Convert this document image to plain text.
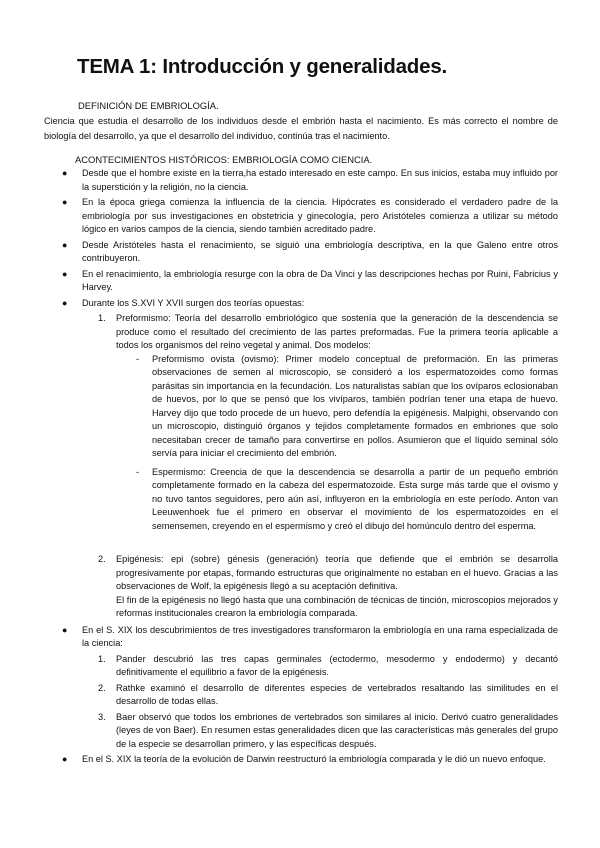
TEMA 1: Introducción y generalidades.
DEFINICIÓN DE EMBRIOLOGÍA.

Ciencia que estudia el desarrollo de los individuos desde el embrión hasta el nacimiento. Es más correcto el nombre de biología del desarrollo, ya que el desarrollo del individuo, continúa tras el nacimiento.

ACONTECIMIENTOS HISTÓRICOS: EMBRIOLOGÍA COMO CIENCIA.
● Desde que el hombre existe en la tierra,ha estado interesado en este campo. En sus inicios, estaba muy influido por la superstición y la religión, no la ciencia.
● En la época griega comienza la influencia de la ciencia. Hipócrates es considerado el verdadero padre de la embriología por sus investigaciones en obstetricia y ginecología, pero Aristóteles comienza a utilizar su método lógico en varios campos de la ciencia, siendo también acreditado padre.
● Desde Aristóteles hasta el renacimiento, se siguió una embriología descriptiva, en la que Galeno entre otros contribuyeron.
● En el renacimiento, la embriología resurge con la obra de Da Vinci y las descripciones hechas por Ruini, Fabricius y Harvey.
● Durante los S.XVI Y XVII surgen dos teorías opuestas:
1. Preformismo: Teoría del desarrollo embriológico que sostenía que la generación de la descendencia se produce como el resultado del crecimiento de las partes preformadas. Fue la primera teoría aplicable a todos los organismos del reino vegetal y animal. Dos modelos:
- Preformismo ovista (ovismo): Primer modelo conceptual de preformación. En las primeras observaciones de semen al microscopio, se consideró a los espermatozoides como formas parásitas sin importancia en la fecundación. Los naturalistas sabían que los ovíparos eclosionaban de huevos, por lo que se pensó que los vivíparos, también podrían tener una etapa de huevo. Harvey dijo que todo procede de un huevo, pero defendía la epigénesis. Malpighi, observando con un microscopio, distinguió órganos y tejidos completamente formados en embriones que solo necesitaban crecer de tamaño para convertirse en pollos. Asumieron que el líquido seminal sólo servía para iniciar el crecimiento del embrión.
- Espermismo: Creencia de que la descendencia se desarrolla a partir de un pequeño embrión completamente formado en la cabeza del espermatozoide. Esta surge más tarde que el ovismo y no tuvo tantos seguidores, pero aún así, influyeron en la embriología en este período. Anton van Leeuwenhoek fue el primero en observar el movimiento de los espermatozoides en el semensemen, creyendo en el espermismo y creó el dibujo del homúnculo dentro del esperma.
2. Epigénesis: epi (sobre) génesis (generación) teoría que defiende que el embrión se desarrolla progresivamente por etapas, formando estructuras que originalmente no estaban en el huevo. Gracias a las observaciones de Wolf, la epigénesis llegó a su aceptación definitiva.
El fin de la epigénesis no llegó hasta que una combinación de técnicas de tinción, microscopios mejorados y reformas institucionales crearon la embriología comparada.
● En el S. XIX los descubrimientos de tres investigadores transformaron la embriología en una rama especializada de la ciencia:
1. Pander descubrió las tres capas germinales (ectodermo, mesodermo y endodermo) y decantó definitivamente el equilibrio a favor de la epigénesis.
2. Rathke examinó el desarrollo de diferentes especies de vertebrados resaltando las similitudes en el desarrollo de todas ellas.
3. Baer observó que todos los embriones de vertebrados son similares al inicio. Derivó cuatro generalidades (leyes de von Baer). En resumen estas generalidades dicen que las características más generales del grupo de la especie se desarrollan primero, y las específicas después.
● En el S. XIX la teoría de la evolución de Darwin reestructuró la embriología comparada y le dió un nuevo enfoque.
